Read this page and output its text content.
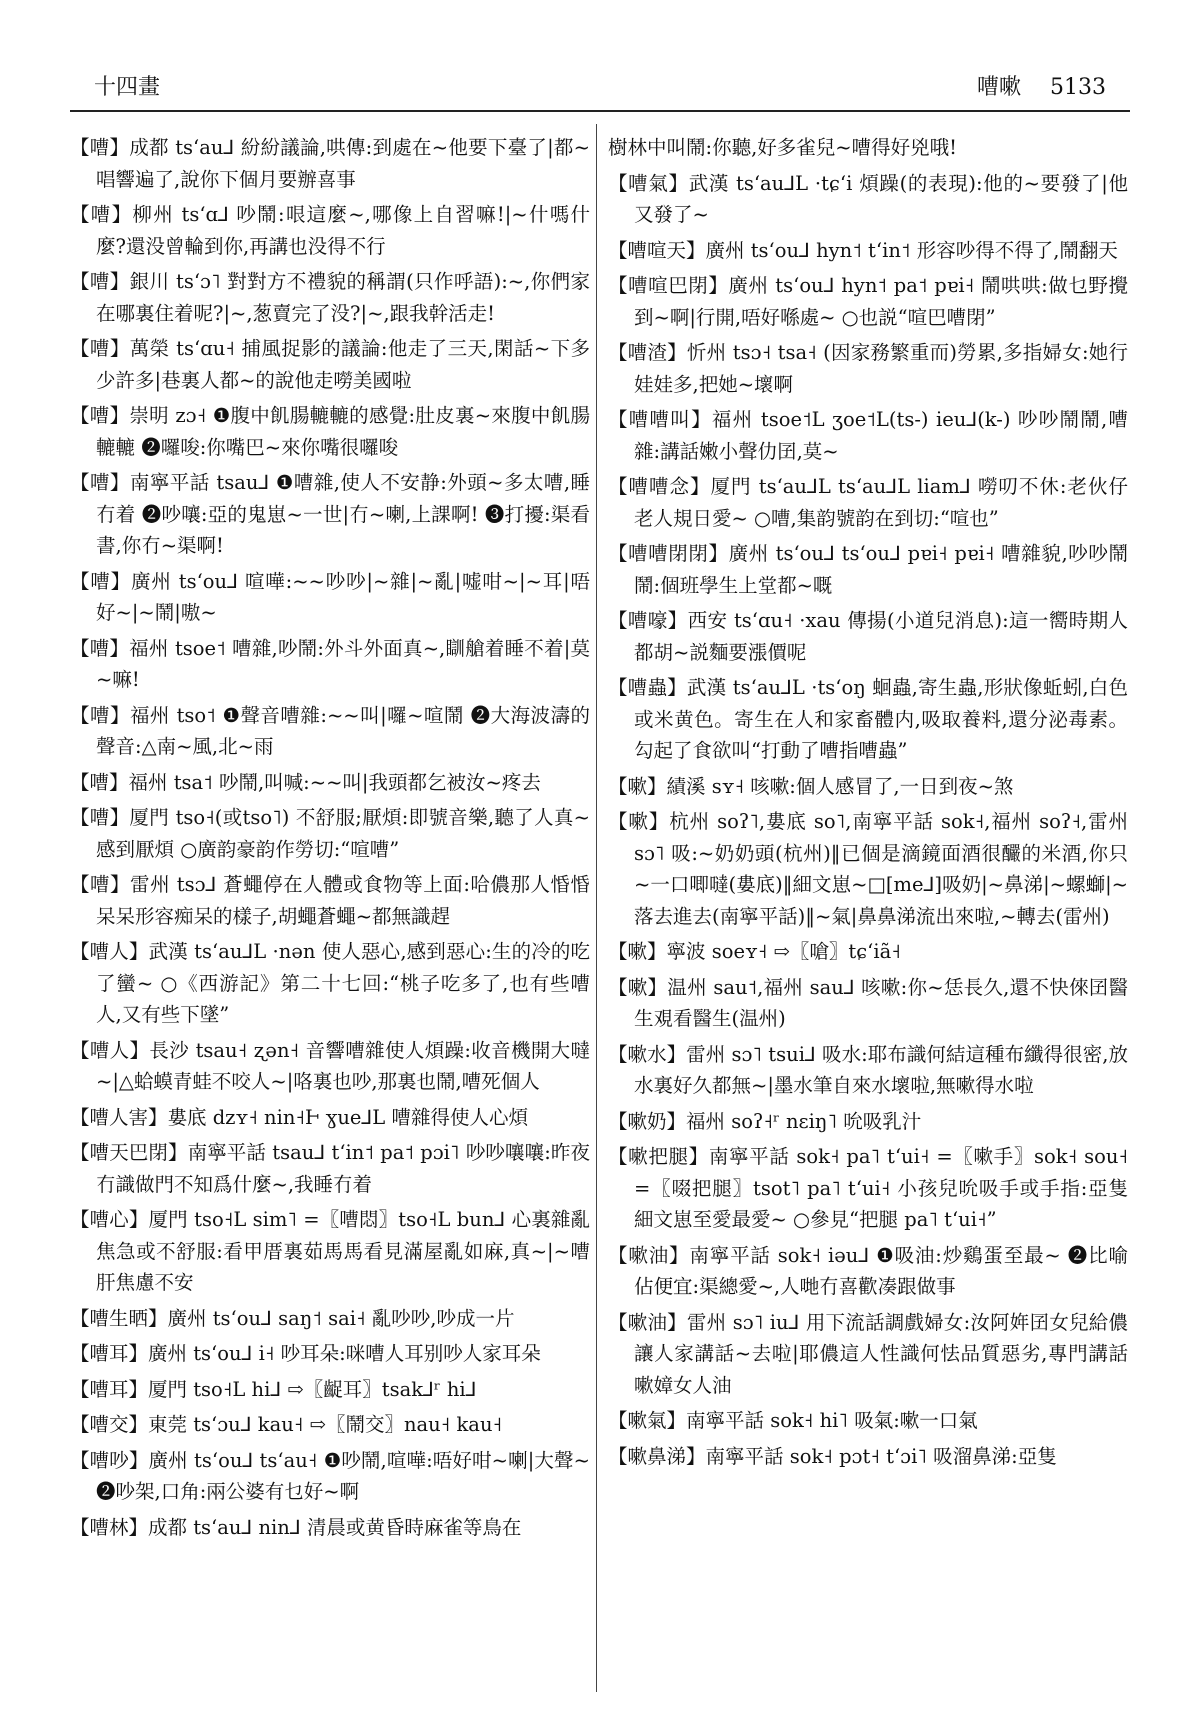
十四畫	嘈嗽 5133

【嘈】成都 tsʻau⅃ 紛紛議論,哄傳:到處在~他要下臺了|都~唱響遍了,說你下個月要辦喜事

【嘈】柳州 tsʻɑ⅃ 吵鬧:哏這麼~,哪像上自習嘛!|~什嗎什麼?還没曾輪到你,再講也没得不行

【嘈】銀川 tsʻɔ˥ 對對方不禮貌的稱謂(只作呼語):~,你們家在哪裏住着呢?|~,葱賣完了没?|~,跟我幹活走!

【嘈】萬榮 tsʻɑu˧ 捕風捉影的議論:他走了三天,閑話~下多少許多|巷裏人都~的說他走嘮美國啦

【嘈】崇明 zɔ˧ ❶腹中飢腸轆轆的感覺:肚皮裏~來腹中飢腸轆轆 ❷囉唆:你嘴巴~來你嘴很囉唆

【嘈】南寧平話 tsau⅃ ❶嘈雜,使人不安静:外頭~多太嘈,睡冇着 ❷吵嚷:亞的鬼崽~一世|冇~喇,上課啊! ❸打擾:渠看書,你冇~渠啊!

【嘈】廣州 tsʻou⅃ 喧嘩:~~吵吵|~雜|~亂|嘘咁~|~耳|唔好~|~鬧|嗷~

【嘈】福州 tsoe˦ 嘈雜,吵鬧:外斗外面真~,瞓艙着睡不着|莫~嘛!

【嘈】福州 tso˦ ❶聲音嘈雜:~~叫|囉~喧鬧 ❷大海波濤的聲音:△南~風,北~雨

【嘈】福州 tsa˦ 吵鬧,叫喊:~~叫|我頭都乞被汝~疼去

【嘈】厦門 tso˧(或tso˥) 不舒服;厭煩:即號音樂,聽了人真~感到厭煩 ○廣韵豪韵作勞切:“喧嘈”

【嘈】雷州 tsɔ⅃ 蒼蠅停在人體或食物等上面:哈儂那人惛惛呆呆形容痴呆的樣子,胡蠅蒼蠅~都無識趕

【嘈人】武漢 tsʻau⅃L ·nən 使人惡心,感到惡心:生的冷的吃了蠻~ ○《西游記》第二十七回:“桃子吃多了,也有些嘈人,又有些下墜”

【嘈人】長沙 tsau˧ ʐən˧ 音響嘈雜使人煩躁:收音機開大噠~|△蛤蟆青蛙不咬人~|咯裏也吵,那裏也鬧,嘈死個人

【嘈人害】婁底 dzʏ˧ nin˧Ⱶ ɣue⅃L 嘈雜得使人心煩

【嘈天巴閉】南寧平話 tsau⅃ tʻin˦ pa˦ pɔi˥ 吵吵嚷嚷:昨夜冇識做門不知爲什麼~,我睡冇着

【嘈心】厦門 tso˧L sim˥ =〖嘈悶〗tso˧L bun⅃ 心裏雜亂焦急或不舒服:看甲厝裏茹馬馬看見滿屋亂如麻,真~|~嘈肝焦慮不安

【嘈生晒】廣州 tsʻou⅃ saŋ˦ sai˧ 亂吵吵,吵成一片

【嘈耳】廣州 tsʻou⅃ i˧ 吵耳朵:咪嘈人耳别吵人家耳朵

【嘈耳】厦門 tso˧L hi⅃ ⇨〖齪耳〗tsak⅃ʳ hi⅃

【嘈交】東莞 tsʻɔu⅃ kau˧ ⇨〖鬧交〗nau˧ kau˧

【嘈吵】廣州 tsʻou⅃ tsʻau˧ ❶吵鬧,喧嘩:唔好咁~喇|大聲~ ❷吵架,口角:兩公婆有乜好~啊

【嘈林】成都 tsʻau⅃ nin⅃ 清晨或黄昏時麻雀等鳥在

樹林中叫鬧:你聽,好多雀兒~嘈得好兇哦!

【嘈氣】武漢 tsʻau⅃L ·tɕʻi 煩躁(的表現):他的~要發了|他又發了~

【嘈喧天】廣州 tsʻou⅃ hyn˦ tʻin˦ 形容吵得不得了,鬧翻天

【嘈喧巴閉】廣州 tsʻou⅃ hyn˦ pa˦ pɐi˧ 鬧哄哄:做乜野攪到~啊|行開,唔好喺處~ ○也説“喧巴嘈閉”

【嘈渣】忻州 tsɔ˧ tsa˧ (因家務繁重而)勞累,多指婦女:她行娃娃多,把她~壞啊

【嘈嘈叫】福州 tsoe˦L ʒoe˦L(ts-) ieu⅃(k-) 吵吵鬧鬧,嘈雜:講話嫩小聲仂囝,莫~

【嘈嘈念】厦門 tsʻau⅃L tsʻau⅃L liam⅃ 嘮叨不休:老伙仔老人規日愛~ ○嘈,集韵號韵在到切:“喧也”

【嘈嘈閉閉】廣州 tsʻou⅃ tsʻou⅃ pɐi˧ pɐi˧ 嘈雜貌,吵吵鬧鬧:個班學生上堂都~嘅

【嘈嚎】西安 tsʻɑu˧ ·xau 傳揚(小道兒消息):這一嚮時期人都胡~説麵要漲價呢

【嘈蟲】武漢 tsʻau⅃L ·tsʻoŋ 蛔蟲,寄生蟲,形狀像蚯蚓,白色或米黄色。寄生在人和家畜體内,吸取養料,還分泌毒素。勾起了食欲叫“打動了嘈指嘈蟲”

【嗽】績溪 sʏ˧ 咳嗽:個人感冒了,一日到夜~煞

【嗽】杭州 soʔ˥,婁底 so˥,南寧平話 sok˧,福州 soʔ˧,雷州 sɔ˥ 吸:~奶奶頭(杭州)‖已個是滴鏡面酒很釅的米酒,你只~一口唧噠(婁底)‖細文崽~□[me⅃]吸奶|~鼻涕|~螺螄|~落去進去(南寧平話)‖~氣|鼻鼻涕流出來啦,~轉去(雷州)

【嗽】寧波 soeʏ˧ ⇨〖嗆〗tɕʻiã˧

【嗽】温州 sau˦,福州 sau⅃ 咳嗽:你~恁長久,還不快倈囝醫生覌看醫生(温州)

【嗽水】雷州 sɔ˥ tsui⅃ 吸水:耶布識何結這種布纖得很密,放水裏好久都無~|墨水筆自來水壞啦,無嗽得水啦

【嗽奶】福州 soʔ˧ʳ nɛiŋ˥ 吮吸乳汁

【嗽把腿】南寧平話 sok˧ pa˥ tʻui˧ =〖嗽手〗sok˧ sou˧ =〖啜把腿〗tsot˥ pa˥ tʻui˧ 小孩兒吮吸手或手指:亞隻細文崽至愛最愛~ ○參見“把腿 pa˥ tʻui˧”

【嗽油】南寧平話 sok˧ iəu⅃ ❶吸油:炒鷄蛋至最~ ❷比喻佔便宜:渠總愛~,人哋冇喜歡凑跟做事

【嗽油】雷州 sɔ˥ iu⅃ 用下流話調戲婦女:汝阿姩囝女兒給儂讓人家講話~去啦|耶儂這人性識何怯品質惡劣,專門講話嗽嫜女人油

【嗽氣】南寧平話 sok˧ hi˥ 吸氣:嗽一口氣

【嗽鼻涕】南寧平話 sok˧ pɔt˧ tʻɔi˥ 吸溜鼻涕:亞隻
